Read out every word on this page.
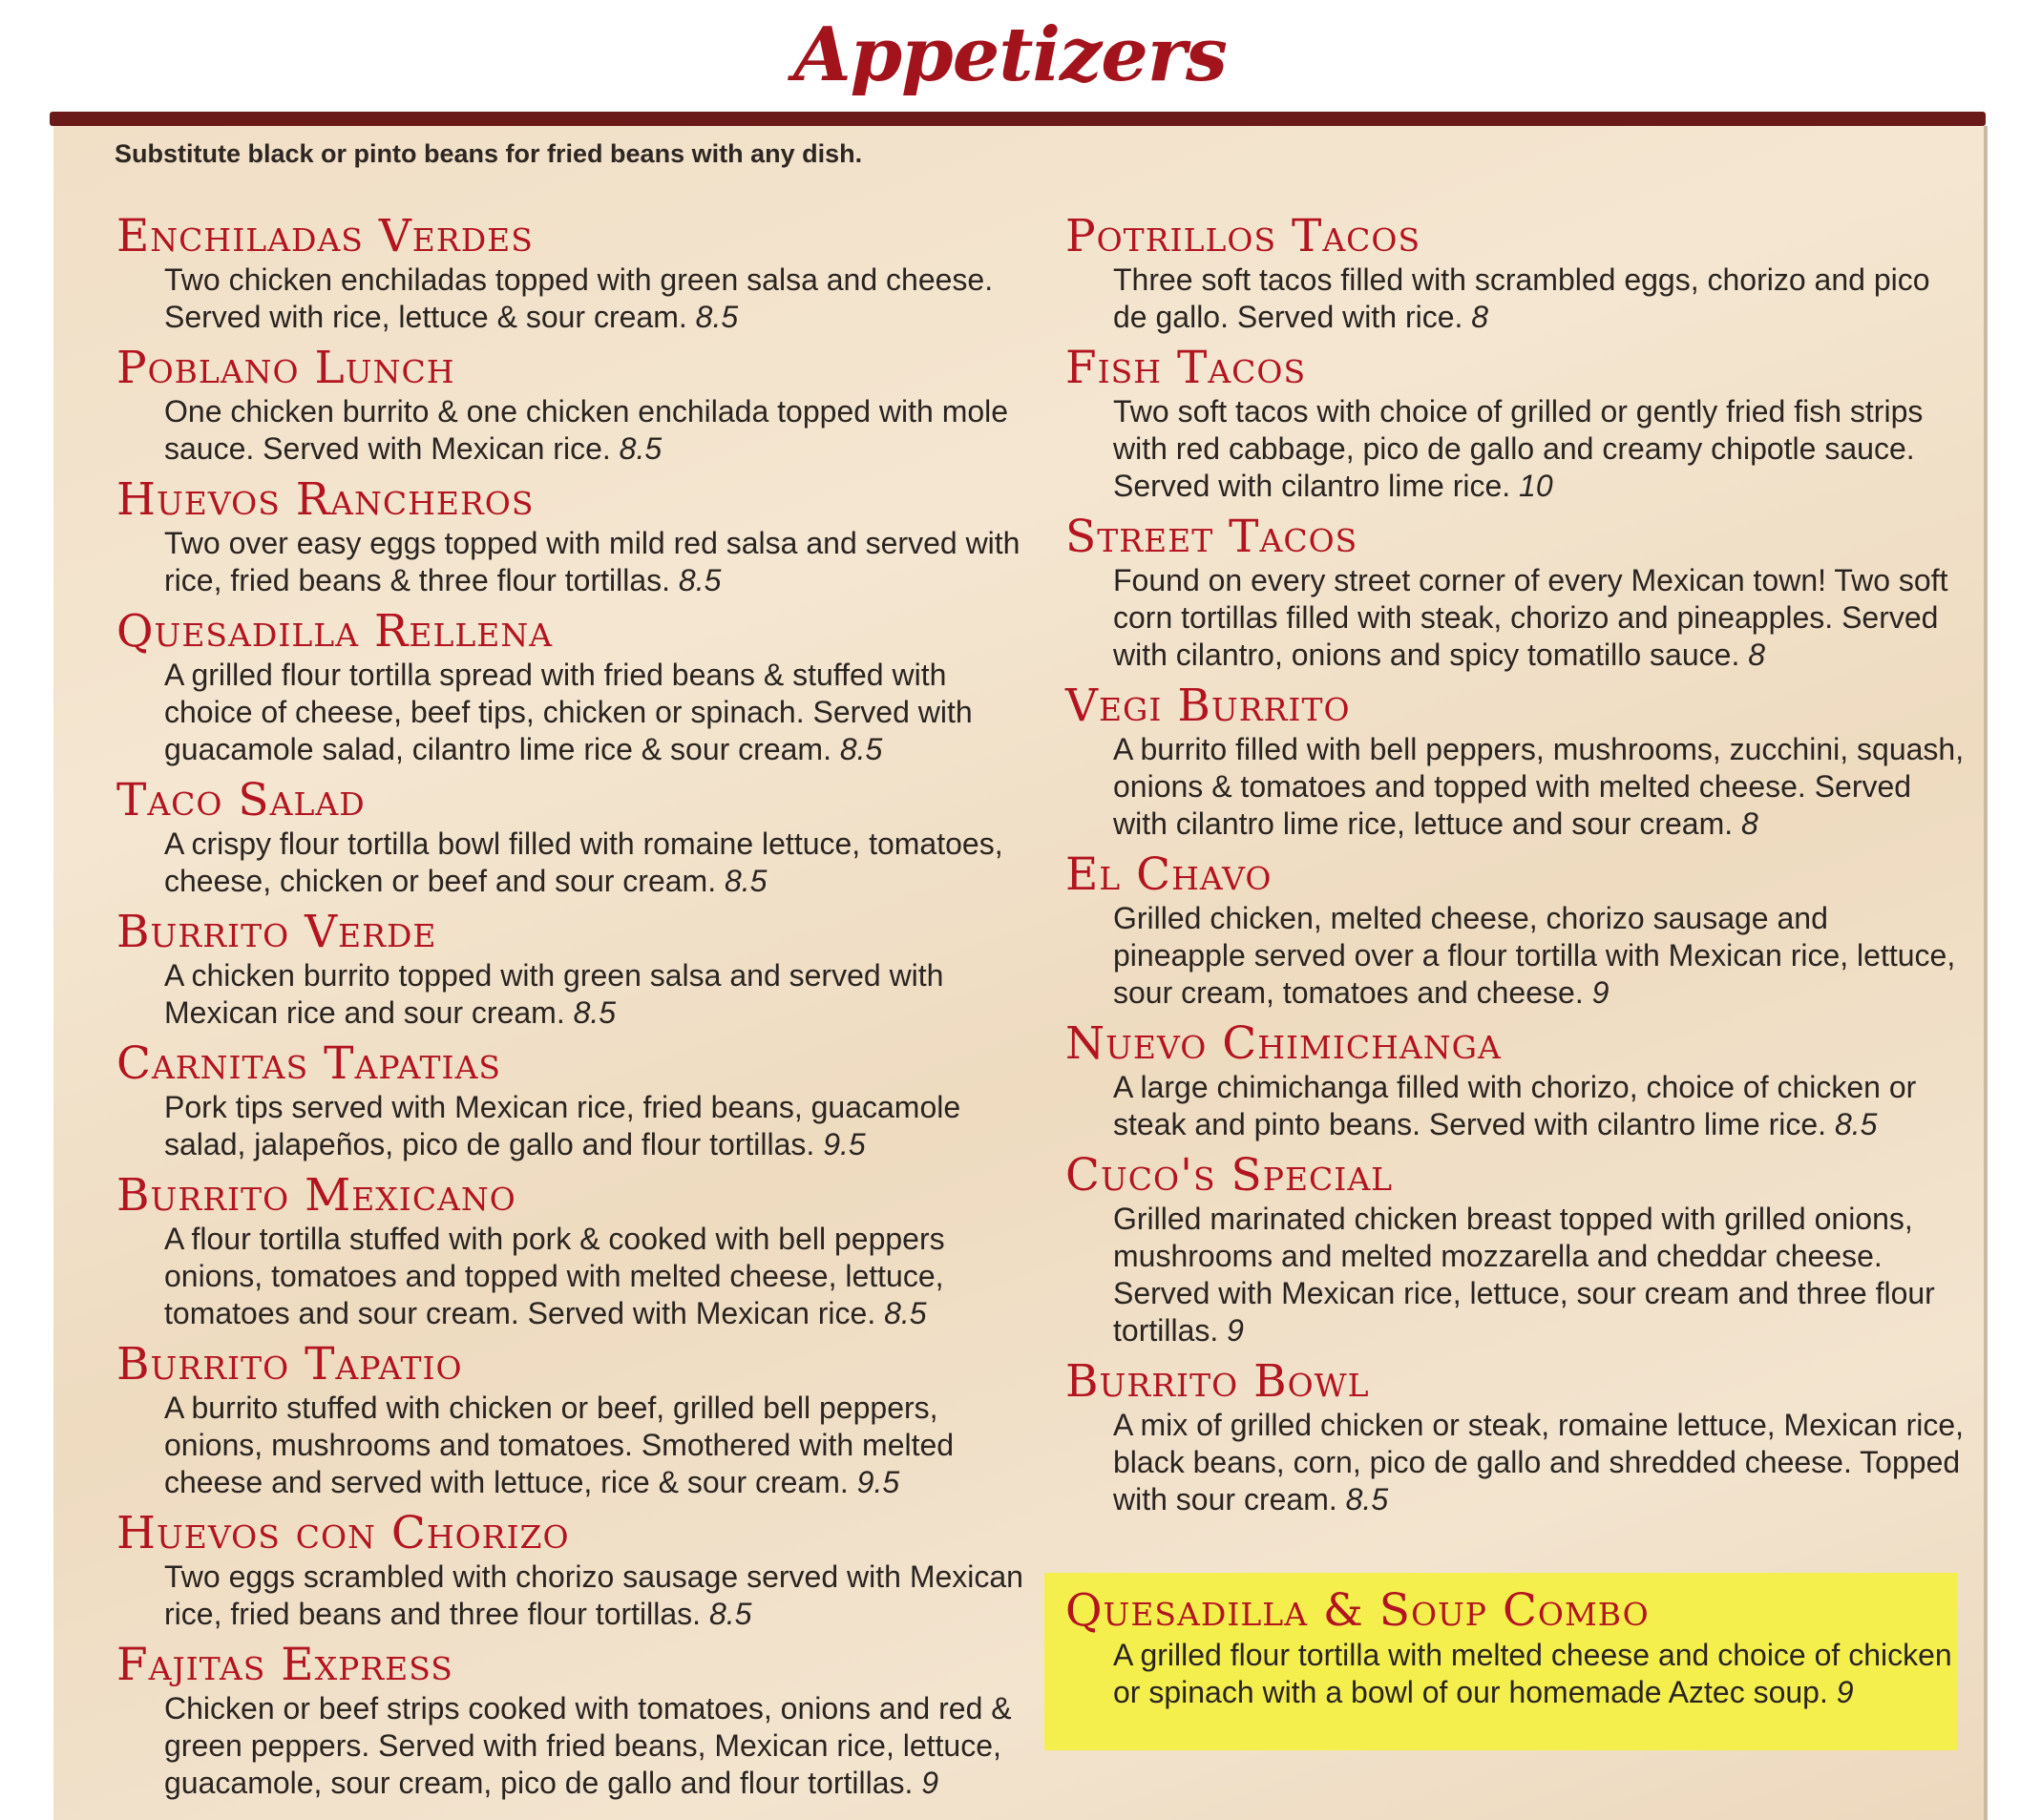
Appetizers
Substitute black or pinto beans for fried beans with any dish.
Enchiladas Verdes
Two chicken enchiladas topped with green salsa and cheese. Served with rice, lettuce & sour cream. 8.5
Poblano Lunch
One chicken burrito & one chicken enchilada topped with mole sauce. Served with Mexican rice. 8.5
Huevos Rancheros
Two over easy eggs topped with mild red salsa and served with rice, fried beans & three flour tortillas. 8.5
Quesadilla Rellena
A grilled flour tortilla spread with fried beans & stuffed with choice of cheese, beef tips, chicken or spinach. Served with guacamole salad, cilantro lime rice & sour cream. 8.5
Taco Salad
A crispy flour tortilla bowl filled with romaine lettuce, tomatoes, cheese, chicken or beef and sour cream. 8.5
Burrito Verde
A chicken burrito topped with green salsa and served with Mexican rice and sour cream. 8.5
Carnitas Tapatias
Pork tips served with Mexican rice, fried beans, guacamole salad, jalapeños, pico de gallo and flour tortillas. 9.5
Burrito Mexicano
A flour tortilla stuffed with pork & cooked with bell peppers onions, tomatoes and topped with melted cheese, lettuce, tomatoes and sour cream. Served with Mexican rice. 8.5
Burrito Tapatio
A burrito stuffed with chicken or beef, grilled bell peppers, onions, mushrooms and tomatoes. Smothered with melted cheese and served with lettuce, rice & sour cream. 9.5
Huevos con Chorizo
Two eggs scrambled with chorizo sausage served with Mexican rice, fried beans and three flour tortillas. 8.5
Fajitas Express
Chicken or beef strips cooked with tomatoes, onions and red & green peppers. Served with fried beans, Mexican rice, lettuce, guacamole, sour cream, pico de gallo and flour tortillas. 9
Potrillos Tacos
Three soft tacos filled with scrambled eggs, chorizo and pico de gallo. Served with rice. 8
Fish Tacos
Two soft tacos with choice of grilled or gently fried fish strips with red cabbage, pico de gallo and creamy chipotle sauce. Served with cilantro lime rice. 10
Street Tacos
Found on every street corner of every Mexican town! Two soft corn tortillas filled with steak, chorizo and pineapples. Served with cilantro, onions and spicy tomatillo sauce. 8
Vegi Burrito
A burrito filled with bell peppers, mushrooms, zucchini, squash, onions & tomatoes and topped with melted cheese. Served with cilantro lime rice, lettuce and sour cream. 8
El Chavo
Grilled chicken, melted cheese, chorizo sausage and pineapple served over a flour tortilla with Mexican rice, lettuce, sour cream, tomatoes and cheese. 9
Nuevo Chimichanga
A large chimichanga filled with chorizo, choice of chicken or steak and pinto beans. Served with cilantro lime rice. 8.5
Cuco's Special
Grilled marinated chicken breast topped with grilled onions, mushrooms and melted mozzarella and cheddar cheese. Served with Mexican rice, lettuce, sour cream and three flour tortillas. 9
Burrito Bowl
A mix of grilled chicken or steak, romaine lettuce, Mexican rice, black beans, corn, pico de gallo and shredded cheese. Topped with sour cream. 8.5
Quesadilla & Soup Combo
A grilled flour tortilla with melted cheese and choice of chicken or spinach with a bowl of our homemade Aztec soup. 9
